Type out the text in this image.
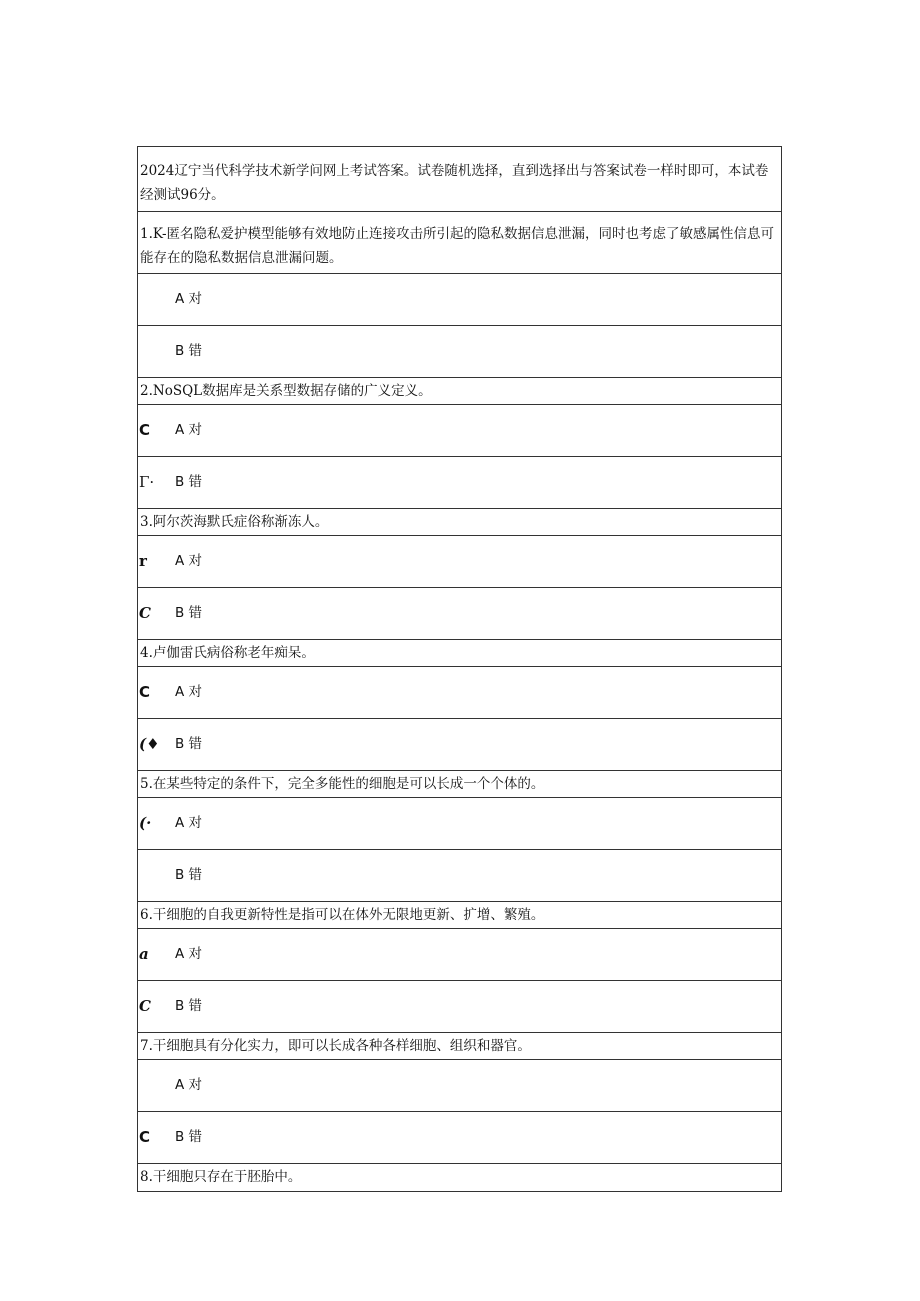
2024辽宁当代科学技术新学问网上考试答案。试卷随机选择，直到选择出与答案试卷一样时即可，本试卷经测试96分。
1.K-匿名隐私爱护模型能够有效地防止连接攻击所引起的隐私数据信息泄漏，同时也考虑了敏感属性信息可能存在的隐私数据信息泄漏问题。
A 对
B 错
2.NoSQL数据库是关系型数据存储的广义定义。
C A 对
Γ· B 错
3.阿尔茨海默氏症俗称渐冻人。
r A 对
C B 错
4.卢伽雷氏病俗称老年痴呆。
C A 对
(♦ B 错
5.在某些特定的条件下，完全多能性的细胞是可以长成一个个体的。
(· A 对
B 错
6.干细胞的自我更新特性是指可以在体外无限地更新、扩增、繁殖。
a A 对
C B 错
7.干细胞具有分化实力，即可以长成各种各样细胞、组织和器官。
A 对
C B 错
8.干细胞只存在于胚胎中。
